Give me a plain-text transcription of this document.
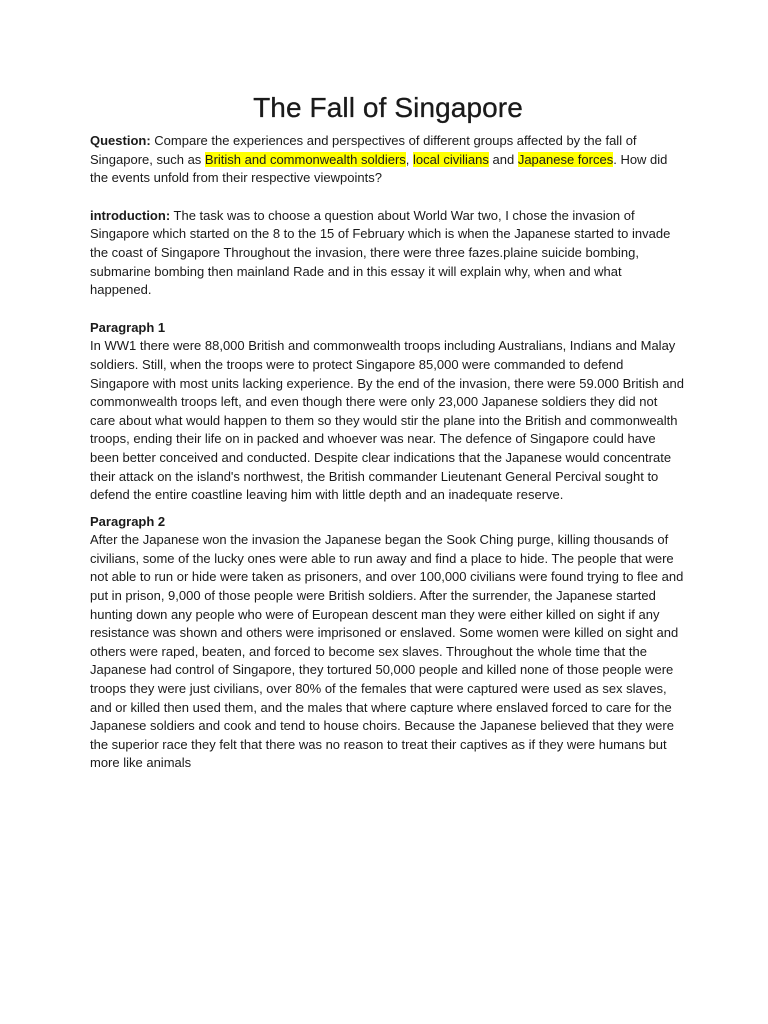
The Fall of Singapore

Question: Compare the experiences and perspectives of different groups affected by the fall of Singapore, such as British and commonwealth soldiers, local civilians and Japanese forces. How did the events unfold from their respective viewpoints?

introduction: The task was to choose a question about World War two, I chose the invasion of Singapore which started on the 8 to the 15 of February which is when the Japanese started to invade the coast of Singapore Throughout the invasion, there were three fazes.plaine suicide bombing, submarine bombing then mainland Rade and in this essay it will explain why, when and what happened.

Paragraph 1

In WW1 there were 88,000 British and commonwealth troops including Australians, Indians and Malay soldiers. Still, when the troops were to protect Singapore 85,000 were commanded to defend Singapore with most units lacking experience. By the end of the invasion, there were 59.000 British and commonwealth troops left, and even though there were only 23,000 Japanese soldiers they did not care about what would happen to them so they would stir the plane into the British and commonwealth troops, ending their life on in packed and whoever was near. The defence of Singapore could have been better conceived and conducted. Despite clear indications that the Japanese would concentrate their attack on the island's northwest, the British commander Lieutenant General Percival sought to defend the entire coastline leaving him with little depth and an inadequate reserve.

Paragraph 2

After the Japanese won the invasion the Japanese began the Sook Ching purge, killing thousands of civilians, some of the lucky ones were able to run away and find a place to hide. The people that were not able to run or hide were taken as prisoners, and over 100,000 civilians were found trying to flee and put in prison, 9,000 of those people were British soldiers. After the surrender, the Japanese started hunting down any people who were of European descent man they were either killed on sight if any resistance was shown and others were imprisoned or enslaved. Some women were killed on sight and others were raped, beaten, and forced to become sex slaves. Throughout the whole time that the Japanese had control of Singapore, they tortured 50,000 people and killed none of those people were troops they were just civilians, over 80% of the females that were captured were used as sex slaves, and or killed then used them, and the males that where capture where enslaved forced to care for the Japanese soldiers and cook and tend to house choirs. Because the Japanese believed that they were the superior race they felt that there was no reason to treat their captives as if they were humans but more like animals
